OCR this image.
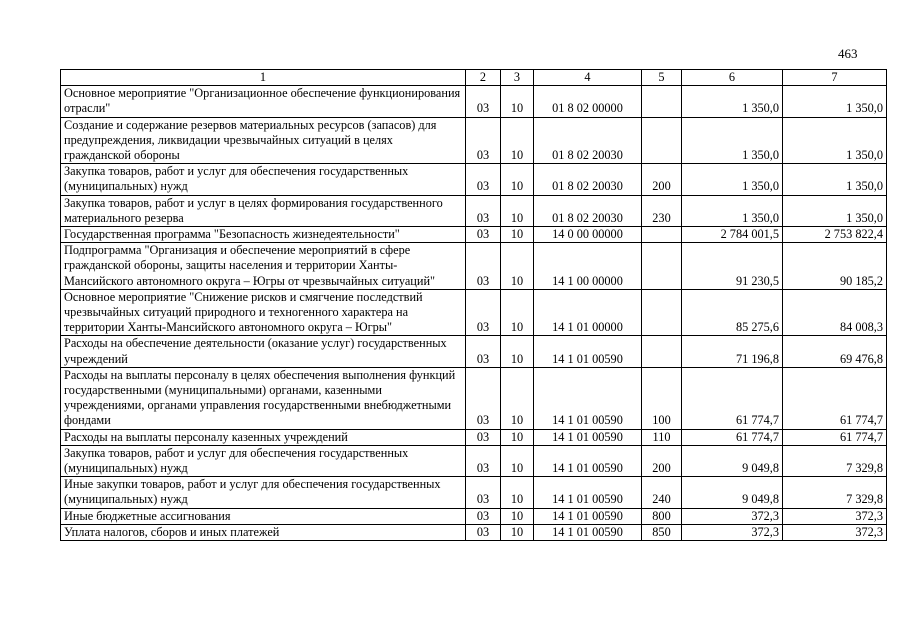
463
1	2	3	4	5	6	7
Основное мероприятие "Организационное обеспечение функционирования отрасли"	03	10	01 8 02 00000		1 350,0	1 350,0
Создание и содержание резервов материальных ресурсов (запасов) для предупреждения, ликвидации чрезвычайных ситуаций в целях гражданской обороны	03	10	01 8 02 20030		1 350,0	1 350,0
Закупка товаров, работ и услуг для обеспечения государственных (муниципальных) нужд	03	10	01 8 02 20030	200	1 350,0	1 350,0
Закупка товаров, работ и услуг в целях формирования государственного материального резерва	03	10	01 8 02 20030	230	1 350,0	1 350,0
Государственная программа "Безопасность жизнедеятельности"	03	10	14 0 00 00000		2 784 001,5	2 753 822,4
Подпрограмма "Организация и обеспечение мероприятий в сфере гражданской обороны, защиты населения и территории Ханты-Мансийского автономного округа – Югры от чрезвычайных ситуаций"	03	10	14 1 00 00000		91 230,5	90 185,2
Основное мероприятие "Снижение рисков и смягчение последствий чрезвычайных ситуаций природного и техногенного характера на территории Ханты-Мансийского автономного округа – Югры"	03	10	14 1 01 00000		85 275,6	84 008,3
Расходы на обеспечение деятельности (оказание услуг) государственных учреждений	03	10	14 1 01 00590		71 196,8	69 476,8
Расходы на выплаты персоналу в целях обеспечения выполнения функций государственными (муниципальными) органами, казенными учреждениями, органами управления государственными внебюджетными фондами	03	10	14 1 01 00590	100	61 774,7	61 774,7
Расходы на выплаты персоналу казенных учреждений	03	10	14 1 01 00590	110	61 774,7	61 774,7
Закупка товаров, работ и услуг для обеспечения государственных (муниципальных) нужд	03	10	14 1 01 00590	200	9 049,8	7 329,8
Иные закупки товаров, работ и услуг для обеспечения государственных (муниципальных) нужд	03	10	14 1 01 00590	240	9 049,8	7 329,8
Иные бюджетные ассигнования	03	10	14 1 01 00590	800	372,3	372,3
Уплата налогов, сборов и иных платежей	03	10	14 1 01 00590	850	372,3	372,3
